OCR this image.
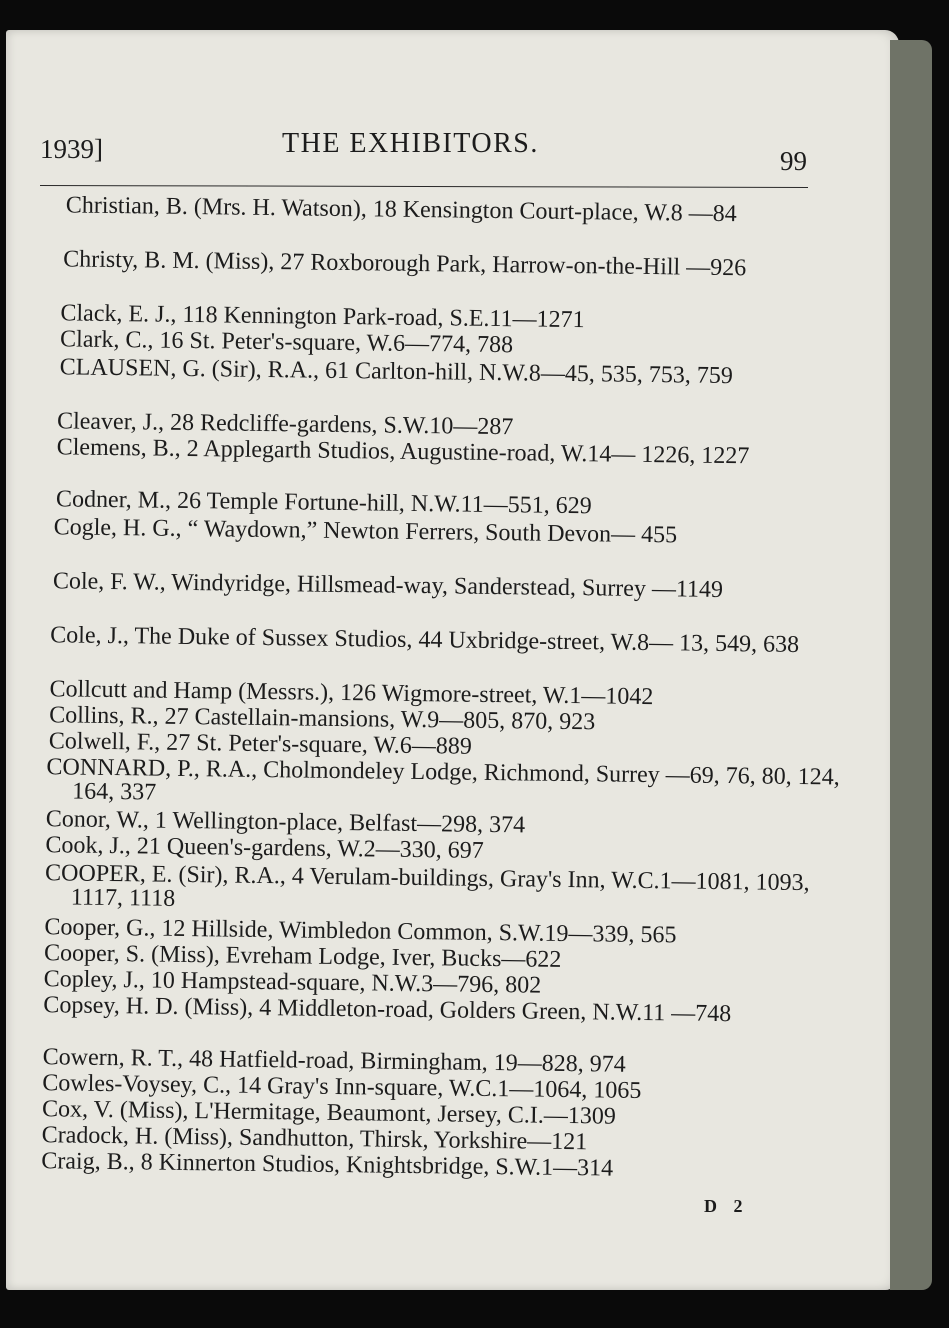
1939]	THE EXHIBITORS.
99
Christian, B. (Mrs. H. Watson), 18 Kensington Court-place, W.8 —84
Christy, B. M. (Miss), 27 Roxborough Park, Harrow-on-the-Hill —926
Clack, E. J., 118 Kennington Park-road, S.E.11—1271
Clark, C., 16 St. Peter's-square, W.6—774, 788
CLAUSEN, G. (Sir), R.A., 61 Carlton-hill, N.W.8—45, 535, 753, 759
Cleaver, J., 28 Redcliffe-gardens, S.W.10—287
Clemens, B., 2 Applegarth Studios, Augustine-road, W.14— 1226, 1227
Codner, M., 26 Temple Fortune-hill, N.W.11—551, 629
Cogle, H. G., “ Waydown,” Newton Ferrers, South Devon— 455
Cole, F. W., Windyridge, Hillsmead-way, Sanderstead, Surrey —1149
Cole, J., The Duke of Sussex Studios, 44 Uxbridge-street, W.8— 13, 549, 638
Collcutt and Hamp (Messrs.), 126 Wigmore-street, W.1—1042
Collins, R., 27 Castellain-mansions, W.9—805, 870, 923
Colwell, F., 27 St. Peter's-square, W.6—889
CONNARD, P., R.A., Cholmondeley Lodge, Richmond, Surrey —69, 76, 80, 124, 164, 337
Conor, W., 1 Wellington-place, Belfast—298, 374
Cook, J., 21 Queen's-gardens, W.2—330, 697
COOPER, E. (Sir), R.A., 4 Verulam-buildings, Gray's Inn, W.C.1—1081, 1093, 1117, 1118
Cooper, G., 12 Hillside, Wimbledon Common, S.W.19—339, 565
Cooper, S. (Miss), Evreham Lodge, Iver, Bucks—622
Copley, J., 10 Hampstead-square, N.W.3—796, 802
Copsey, H. D. (Miss), 4 Middleton-road, Golders Green, N.W.11 —748
Cowern, R. T., 48 Hatfield-road, Birmingham, 19—828, 974
Cowles-Voysey, C., 14 Gray's Inn-square, W.C.1—1064, 1065
Cox, V. (Miss), L'Hermitage, Beaumont, Jersey, C.I.—1309
Cradock, H. (Miss), Sandhutton, Thirsk, Yorkshire—121
Craig, B., 8 Kinnerton Studios, Knightsbridge, S.W.1—314
D 2
